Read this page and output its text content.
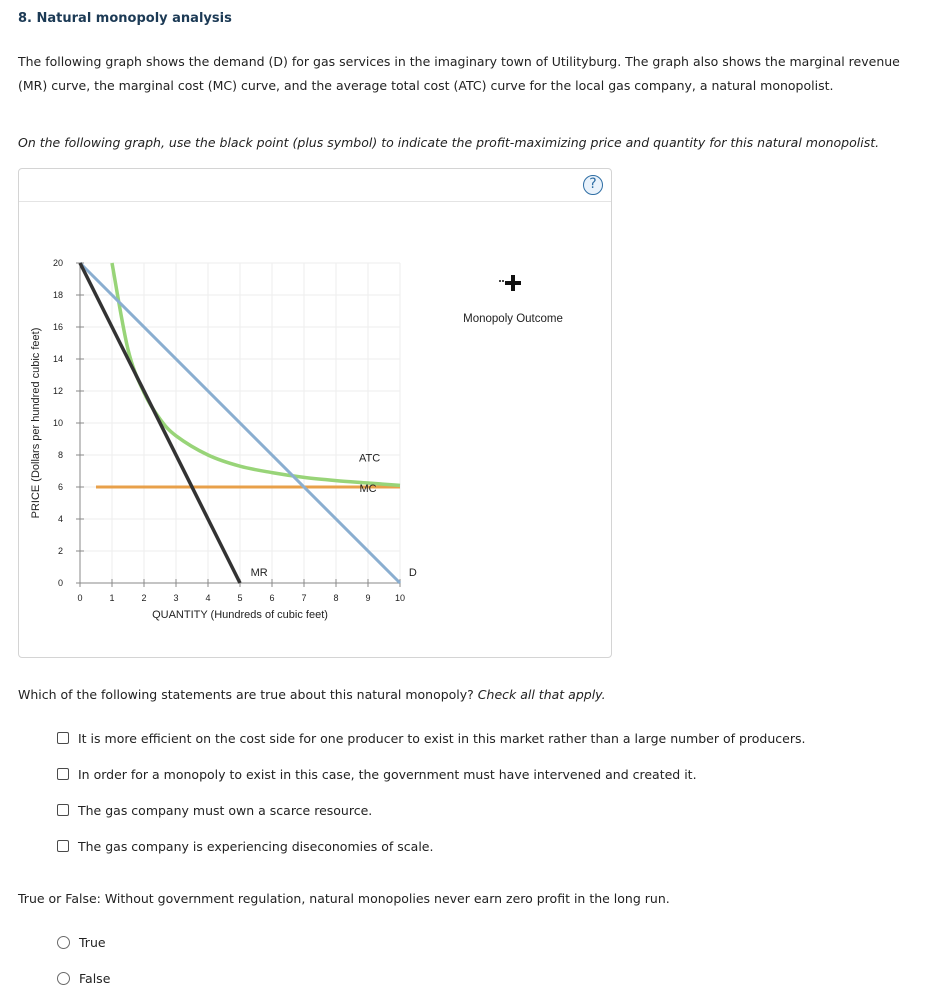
8. Natural monopoly analysis
The following graph shows the demand (D) for gas services in the imaginary town of Utilityburg. The graph also shows the marginal revenue (MR) curve, the marginal cost (MC) curve, and the average total cost (ATC) curve for the local gas company, a natural monopolist.
On the following graph, use the black point (plus symbol) to indicate the profit-maximizing price and quantity for this natural monopolist.
?
0	1	2	3	4	5	6	7	8	9	10
0
2
4
6
8
10
12
14
16
18
20
QUANTITY (Hundreds of cubic feet)
PRICE (Dollars per hundred cubic feet)	ATC
MC
MR	D
Monopoly Outcome
Which of the following statements are true about this natural monopoly? Check all that apply.
It is more efficient on the cost side for one producer to exist in this market rather than a large number of producers.
In order for a monopoly to exist in this case, the government must have intervened and created it.
The gas company must own a scarce resource.
The gas company is experiencing diseconomies of scale.
True or False: Without government regulation, natural monopolies never earn zero profit in the long run.
True
False
